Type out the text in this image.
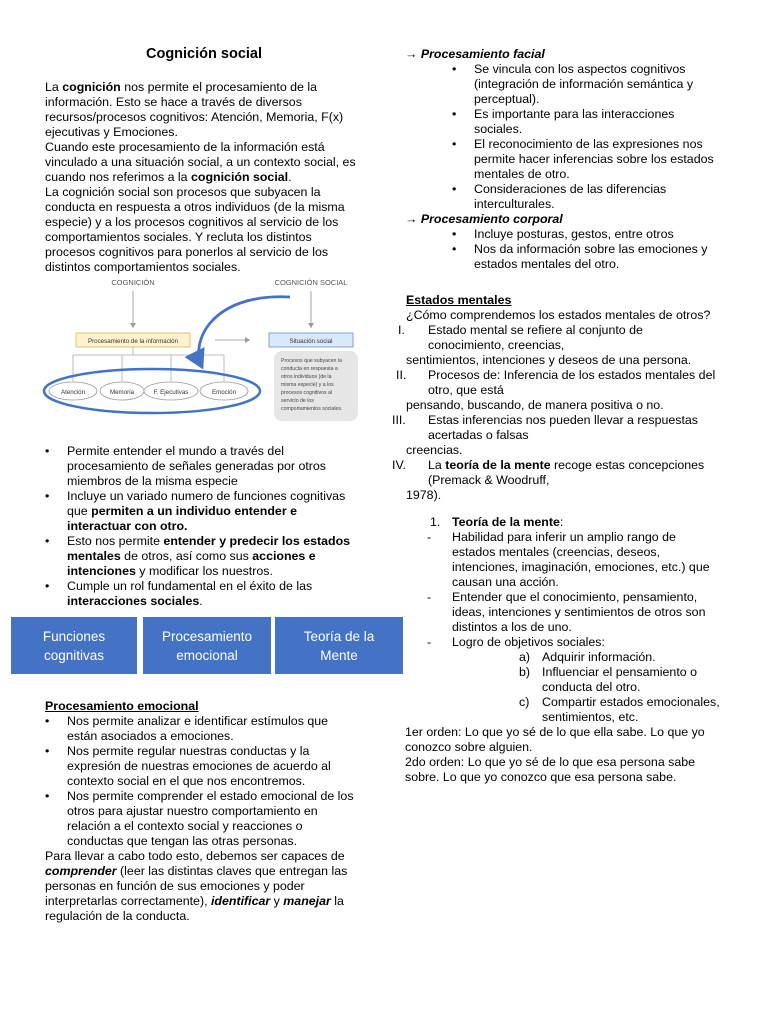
Cognición social
La cognición nos permite el procesamiento de la
información. Esto se hace a través de diversos
recursos/procesos cognitivos: Atención, Memoria, F(x)
ejecutivas y Emociones.
Cuando este procesamiento de la información está
vinculado a una situación social, a un contexto social, es
cuando nos referimos a la cognición social.
La cognición social son procesos que subyacen la
conducta en respuesta a otros individuos (de la misma
especie) y a los procesos cognitivos al servicio de los
comportamientos sociales. Y recluta los distintos
procesos cognitivos para ponerlos al servicio de los
distintos comportamientos sociales.
COGNICIÓN	COGNICIÓN SOCIAL
Procesamiento de la información	Situación social
Atención	Memoria	F. Ejecutivas	Emoción
Procesos que subyacen la conducta en respuesta a otros individuos (de la misma especie) y a los procesos cognitivos al servicio de los comportamientos sociales.
• Permite entender el mundo a través del
procesamiento de señales generadas por otros
miembros de la misma especie
• Incluye un variado numero de funciones cognitivas
que permiten a un individuo entender e
interactuar con otro.
• Esto nos permite entender y predecir los estados
mentales de otros, así como sus acciones e
intenciones y modificar los nuestros.
• Cumple un rol fundamental en el éxito de las
interacciones sociales.
Funciones
cognitivas
Procesamiento
emocional
Teoría de la
Mente
Procesamiento emocional
• Nos permite analizar e identificar estímulos que
están asociados a emociones.
• Nos permite regular nuestras conductas y la
expresión de nuestras emociones de acuerdo al
contexto social en el que nos encontremos.
• Nos permite comprender el estado emocional de los
otros para ajustar nuestro comportamiento en
relación a el contexto social y reacciones o
conductas que tengan las otras personas.
Para llevar a cabo todo esto, debemos ser capaces de
comprender (leer las distintas claves que entregan las
personas en función de sus emociones y poder
interpretarlas correctamente), identificar y manejar la
regulación de la conducta.
→ Procesamiento facial
• Se vincula con los aspectos cognitivos
(integración de información semántica y
perceptual).
• Es importante para las interacciones
sociales.
• El reconocimiento de las expresiones nos
permite hacer inferencias sobre los estados
mentales de otro.
• Consideraciones de las diferencias
interculturales.
→ Procesamiento corporal
• Incluye posturas, gestos, entre otros
• Nos da información sobre las emociones y
estados mentales del otro.
Estados mentales
¿Cómo comprendemos los estados mentales de otros?
I. Estado mental se refiere al conjunto de
conocimiento, creencias,
sentimientos, intenciones y deseos de una persona.
II. Procesos de: Inferencia de los estados mentales del
otro, que está
pensando, buscando, de manera positiva o no.
III. Estas inferencias nos pueden llevar a respuestas
acertadas o falsas
creencias.
IV. La teoría de la mente recoge estas concepciones
(Premack & Woodruff,
1978).
1. Teoría de la mente:
- Habilidad para inferir un amplio rango de
estados mentales (creencias, deseos,
intenciones, imaginación, emociones, etc.) que
causan una acción.
- Entender que el conocimiento, pensamiento,
ideas, intenciones y sentimientos de otros son
distintos a los de uno.
- Logro de objetivos sociales:
a) Adquirir información.
b) Influenciar el pensamiento o
conducta del otro.
c) Compartir estados emocionales,
sentimientos, etc.
1er orden: Lo que yo sé de lo que ella sabe. Lo que yo
conozco sobre alguien.
2do orden: Lo que yo sé de lo que esa persona sabe
sobre. Lo que yo conozco que esa persona sabe.
